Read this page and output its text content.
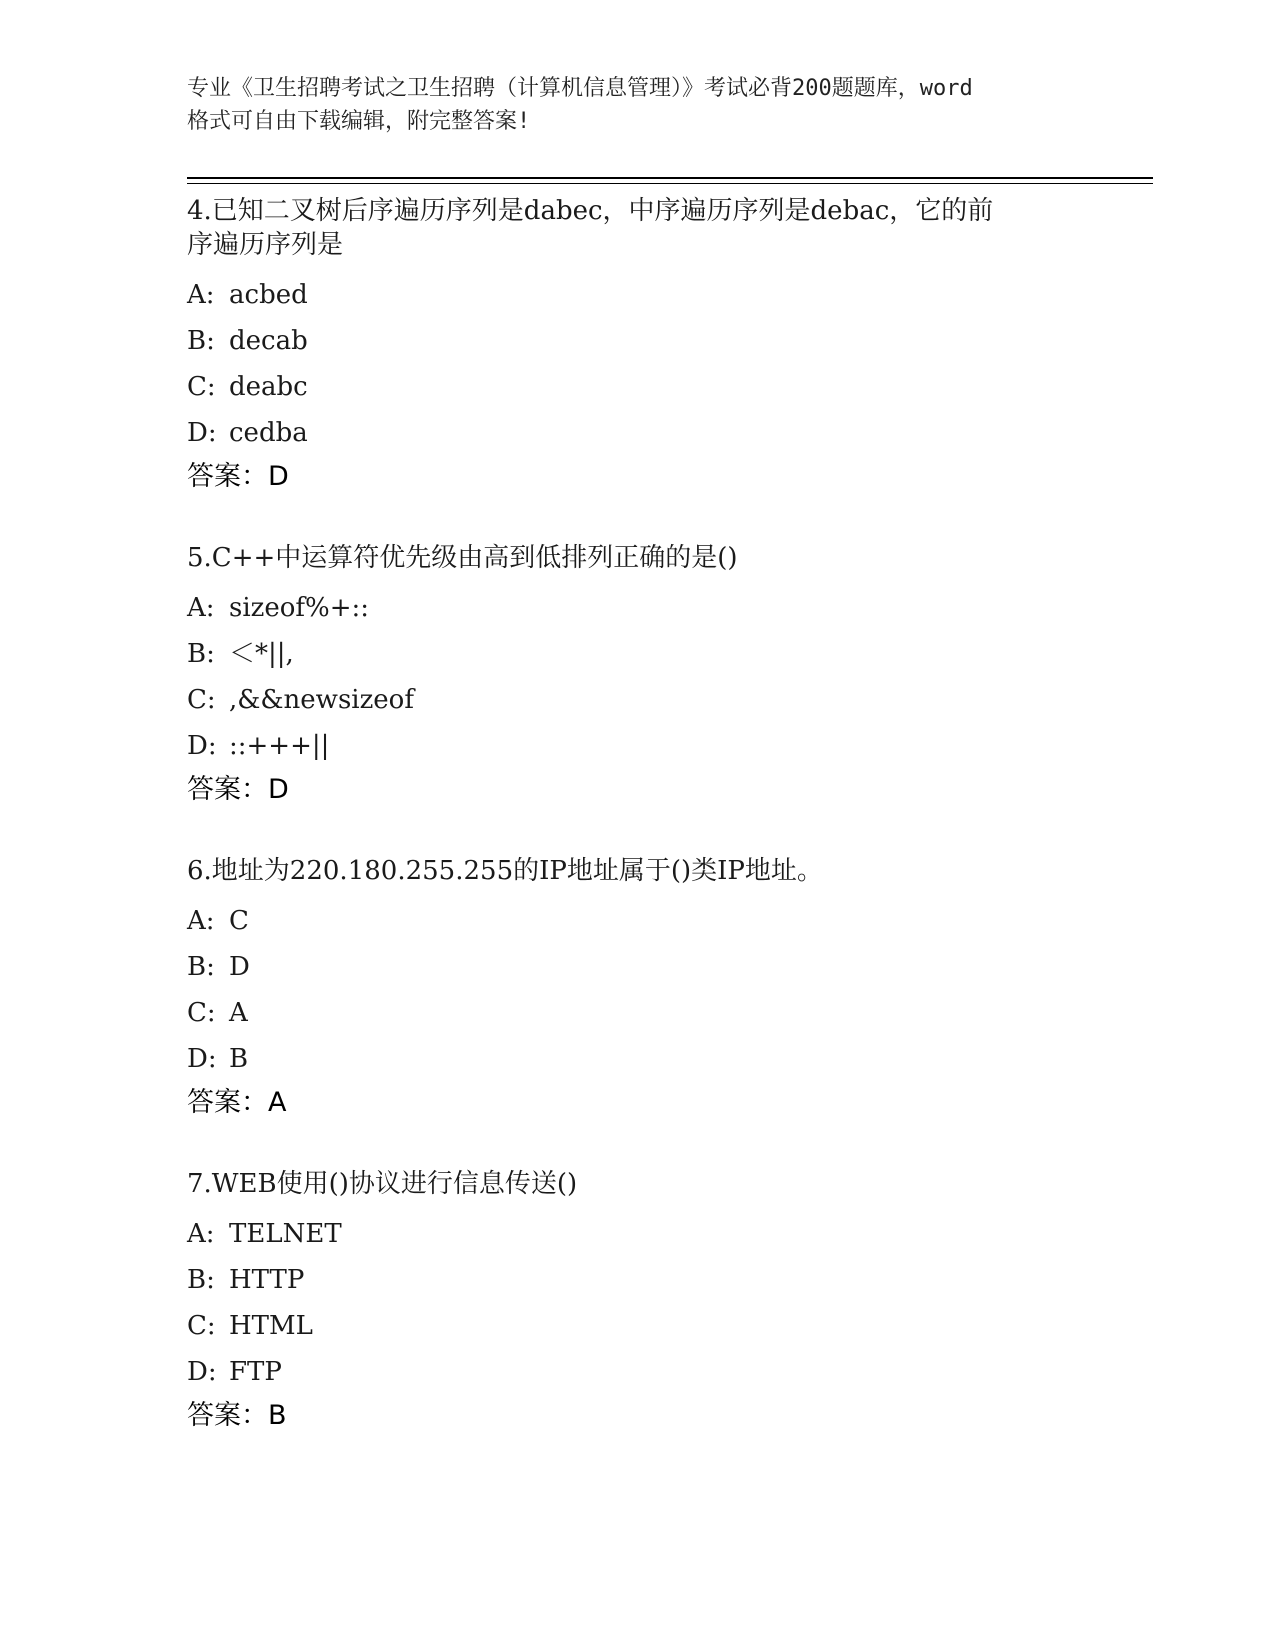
专业《卫生招聘考试之卫生招聘（计算机信息管理）》考试必背200题题库，word
格式可自由下载编辑，附完整答案!
4.已知二叉树后序遍历序列是dabec，中序遍历序列是debac，它的前
序遍历序列是
A: acbed
B: decab
C: deabc
D: cedba
答案：D
5.C++中运算符优先级由高到低排列正确的是()
A: sizeof%+::
B: ＜*||,
C: ,&&newsizeof
D: ::+++||
答案：D
6.地址为220.180.255.255的IP地址属于()类IP地址。
A: C
B: D
C: A
D: B
答案：A
7.WEB使用()协议进行信息传送()
A: TELNET
B: HTTP
C: HTML
D: FTP
答案：B
